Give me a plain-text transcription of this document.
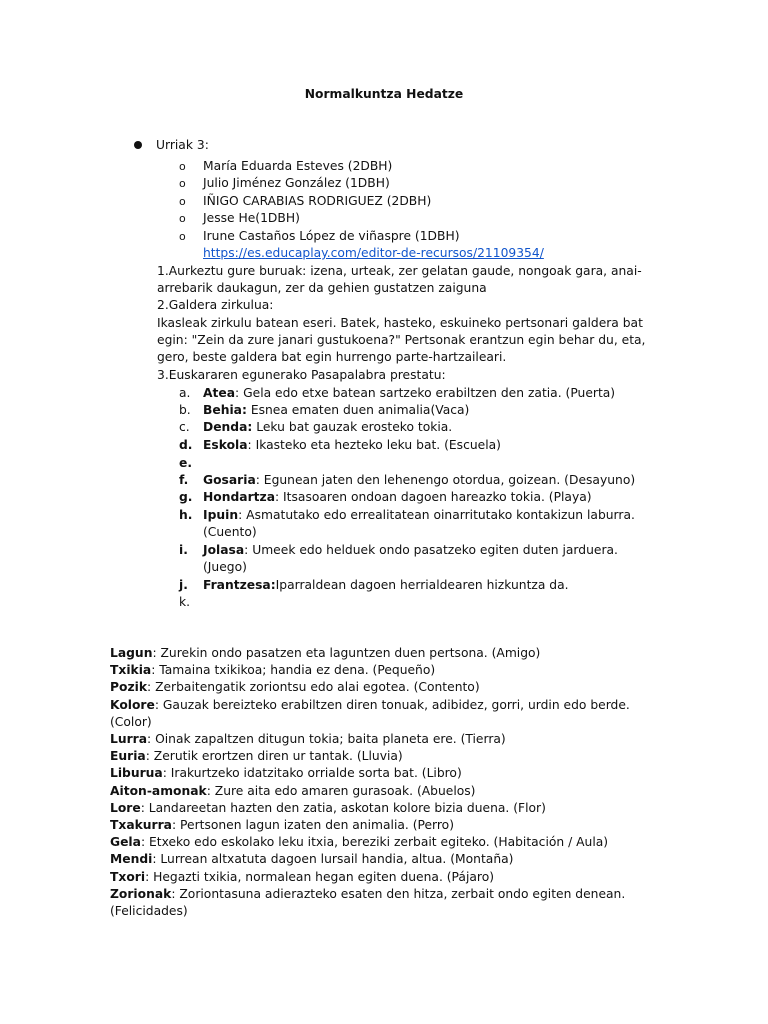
Normalkuntza Hedatze
Urriak 3:
o María Eduarda Esteves (2DBH)
o Julio Jiménez González (1DBH)
o IÑIGO CARABIAS RODRIGUEZ (2DBH)
o Jesse He(1DBH)
o Irune Castaños López de viñaspre (1DBH)
https://es.educaplay.com/editor-de-recursos/21109354/
1.Aurkeztu gure buruak: izena, urteak, zer gelatan gaude, nongoak gara, anai-
arrebarik daukagun, zer da gehien gustatzen zaiguna
2.Galdera zirkulua:
Ikasleak zirkulu batean eseri. Batek, hasteko, eskuineko pertsonari galdera bat
egin: "Zein da zure janari gustukoena?" Pertsonak erantzun egin behar du, eta,
gero, beste galdera bat egin hurrengo parte-hartzaileari.
3.Euskararen egunerako Pasapalabra prestatu:
a. Atea: Gela edo etxe batean sartzeko erabiltzen den zatia. (Puerta)
b. Behia: Esnea ematen duen animalia(Vaca)
c. Denda: Leku bat gauzak erosteko tokia.
d. Eskola: Ikasteko eta hezteko leku bat. (Escuela)
e.
f. Gosaria: Egunean jaten den lehenengo otordua, goizean. (Desayuno)
g. Hondartza: Itsasoaren ondoan dagoen hareazko tokia. (Playa)
h. Ipuin: Asmatutako edo errealitatean oinarritutako kontakizun laburra.
(Cuento)
i. Jolasa: Umeek edo helduek ondo pasatzeko egiten duten jarduera.
(Juego)
j. Frantzesa:Iparraldean dagoen herrialdearen hizkuntza da.
k.

Lagun: Zurekin ondo pasatzen eta laguntzen duen pertsona. (Amigo)

Txikia: Tamaina txikikoa; handia ez dena. (Pequeño)

Pozik: Zerbaitengatik zoriontsu edo alai egotea. (Contento)

Kolore: Gauzak bereizteko erabiltzen diren tonuak, adibidez, gorri, urdin edo berde. (Color)

Lurra: Oinak zapaltzen ditugun tokia; baita planeta ere. (Tierra)

Euria: Zerutik erortzen diren ur tantak. (Lluvia)

Liburua: Irakurtzeko idatzitako orrialde sorta bat. (Libro)

Aiton-amonak: Zure aita edo amaren gurasoak. (Abuelos)

Lore: Landareetan hazten den zatia, askotan kolore bizia duena. (Flor)

Txakurra: Pertsonen lagun izaten den animalia. (Perro)

Gela: Etxeko edo eskolako leku itxia, bereziki zerbait egiteko. (Habitación / Aula)

Mendi: Lurrean altxatuta dagoen lursail handia, altua. (Montaña)

Txori: Hegazti txikia, normalean hegan egiten duena. (Pájaro)

Zorionak: Zoriontasuna adierazteko esaten den hitza, zerbait ondo egiten denean. (Felicidades)
